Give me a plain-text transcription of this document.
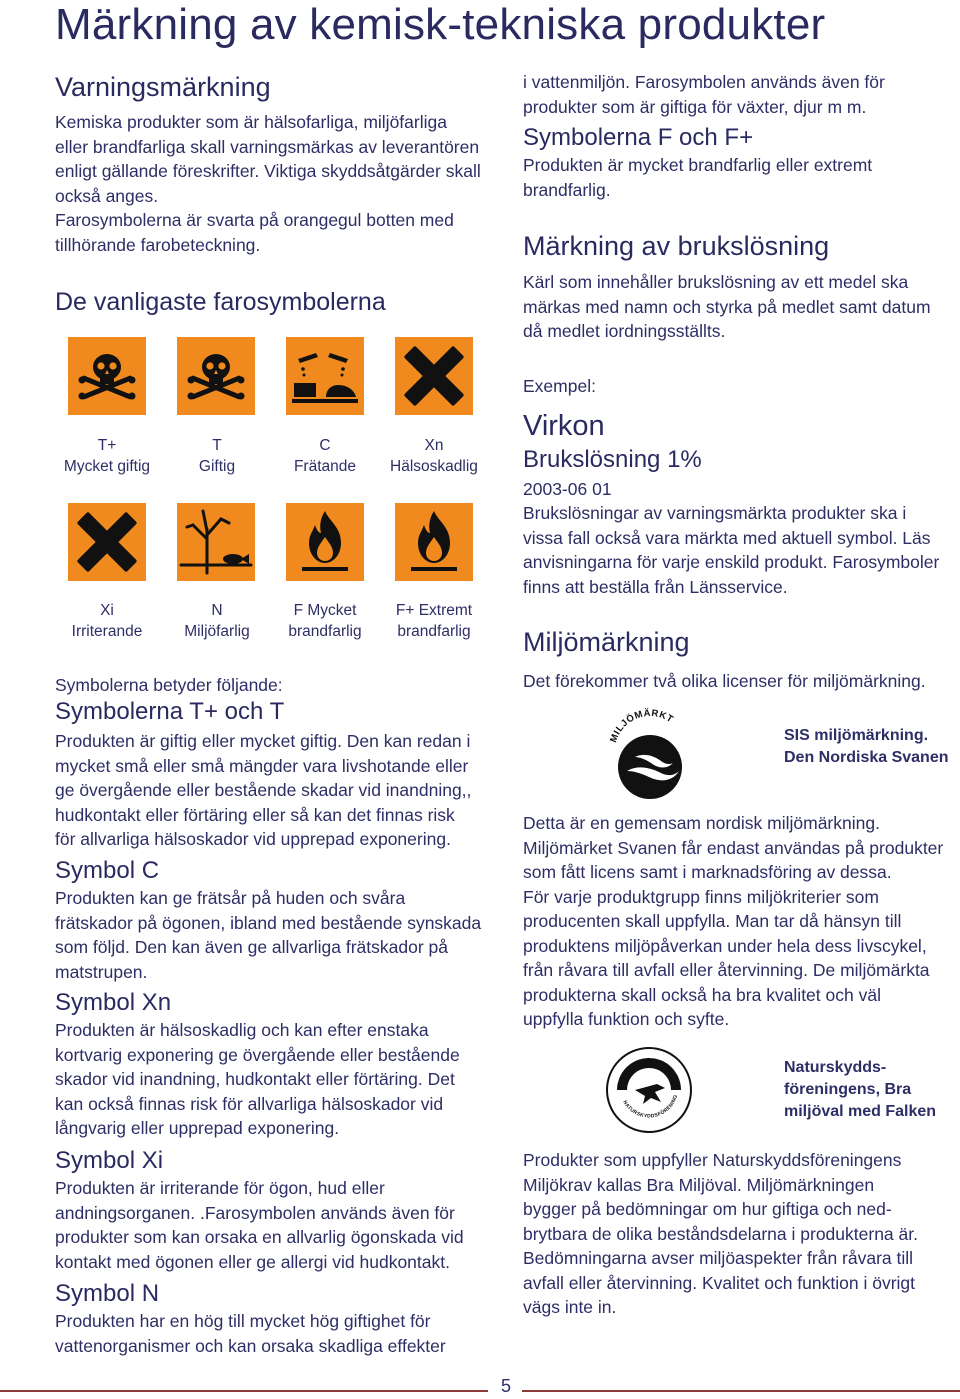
Märkning av kemisk-tekniska produkter
Varningsmärkning

Kemiska produkter som är hälsofarliga, miljöfarliga
eller brandfarliga skall varningsmärkas av leverantören
enligt gällande föreskrifter. Viktiga skyddsåtgärder skall
också anges.
Farosymbolerna är svarta på orangegul botten med
tillhörande farobeteckning.

De vanligaste farosymbolerna
T+
Mycket giftig
T
Giftig
C
Frätande
Xn
Hälsoskadlig
Xi
Irriterande
N
Miljöfarlig
F Mycket
brandfarlig
F+ Extremt
brandfarlig

Symbolerna betyder följande:

Symbolerna T+ och T

Produkten är giftig eller mycket giftig. Den kan redan i
mycket små eller små mängder vara livshotande eller
ge övergående eller bestående skadar vid inandning,,
hudkontakt eller förtäring eller så kan det finnas risk
för allvarliga hälsoskador vid upprepad exponering.

Symbol C

Produkten kan ge frätsår på huden och svåra
frätskador på ögonen, ibland med bestående synskada
som följd. Den kan även ge allvarliga frätskador på
matstrupen.

Symbol Xn

Produkten är hälsoskadlig och kan efter enstaka
kortvarig exponering ge övergående eller bestående
skador vid inandning, hudkontakt eller förtäring. Det
kan också finnas risk för allvarliga hälsoskador vid
långvarig eller upprepad exponering.

Symbol Xi

Produkten är irriterande för ögon, hud eller
andningsorganen. .Farosymbolen används även för
produkter som kan orsaka en allvarlig ögonskada vid
kontakt med ögonen eller ge allergi vid hudkontakt.

Symbol N

Produkten har en hög till mycket hög giftighet för
vattenorganismer och kan orsaka skadliga effekter

i vattenmiljön. Farosymbolen används även för
produkter som är giftiga för växter, djur m m.

Symbolerna F och F+

Produkten är mycket brandfarlig eller extremt
brandfarlig.

Märkning av brukslösning

Kärl som innehåller brukslösning av ett medel ska
märkas med namn och styrka på medlet samt datum
då medlet iordningsställts.

Exempel:

Virkon
Brukslösning 1%

2003-06 01

Brukslösningar av varningsmärkta produkter ska i
vissa fall också vara märkta med aktuell symbol. Läs
anvisningarna för varje enskild produkt. Farosymboler
finns att beställa från Länsservice.

Miljömärkning

Det förekommer två olika licenser för miljömärkning.

MILJÖMÄRKT
SIS miljömärkning.
Den Nordiska Svanen

Detta är en gemensam nordisk miljömärkning.
Miljömärket Svanen får endast användas på produkter
som fått licens samt i marknadsföring av dessa.
För varje produktgrupp finns miljökriterier som
producenten skall uppfylla. Man tar då hänsyn till
produktens miljöpåverkan under hela dess livscykel,
från råvara till avfall eller återvinning. De miljömärkta
produkterna skall också ha bra kvalitet och väl
uppfylla funktion och syfte.

BRA MILJÖVAL
NATURSKYDDSFÖRENING
Naturskydds-
föreningens, Bra
miljöval med Falken

Produkter som uppfyller Naturskyddsföreningens
Miljökrav kallas Bra Miljöval. Miljömärkningen
bygger på bedömningar om hur giftiga och ned-
brytbara de olika beståndsdelarna i produkterna är.
Bedömningarna avser miljöaspekter från råvara till
avfall eller återvinning. Kvalitet och funktion i övrigt
vägs inte in.

5
